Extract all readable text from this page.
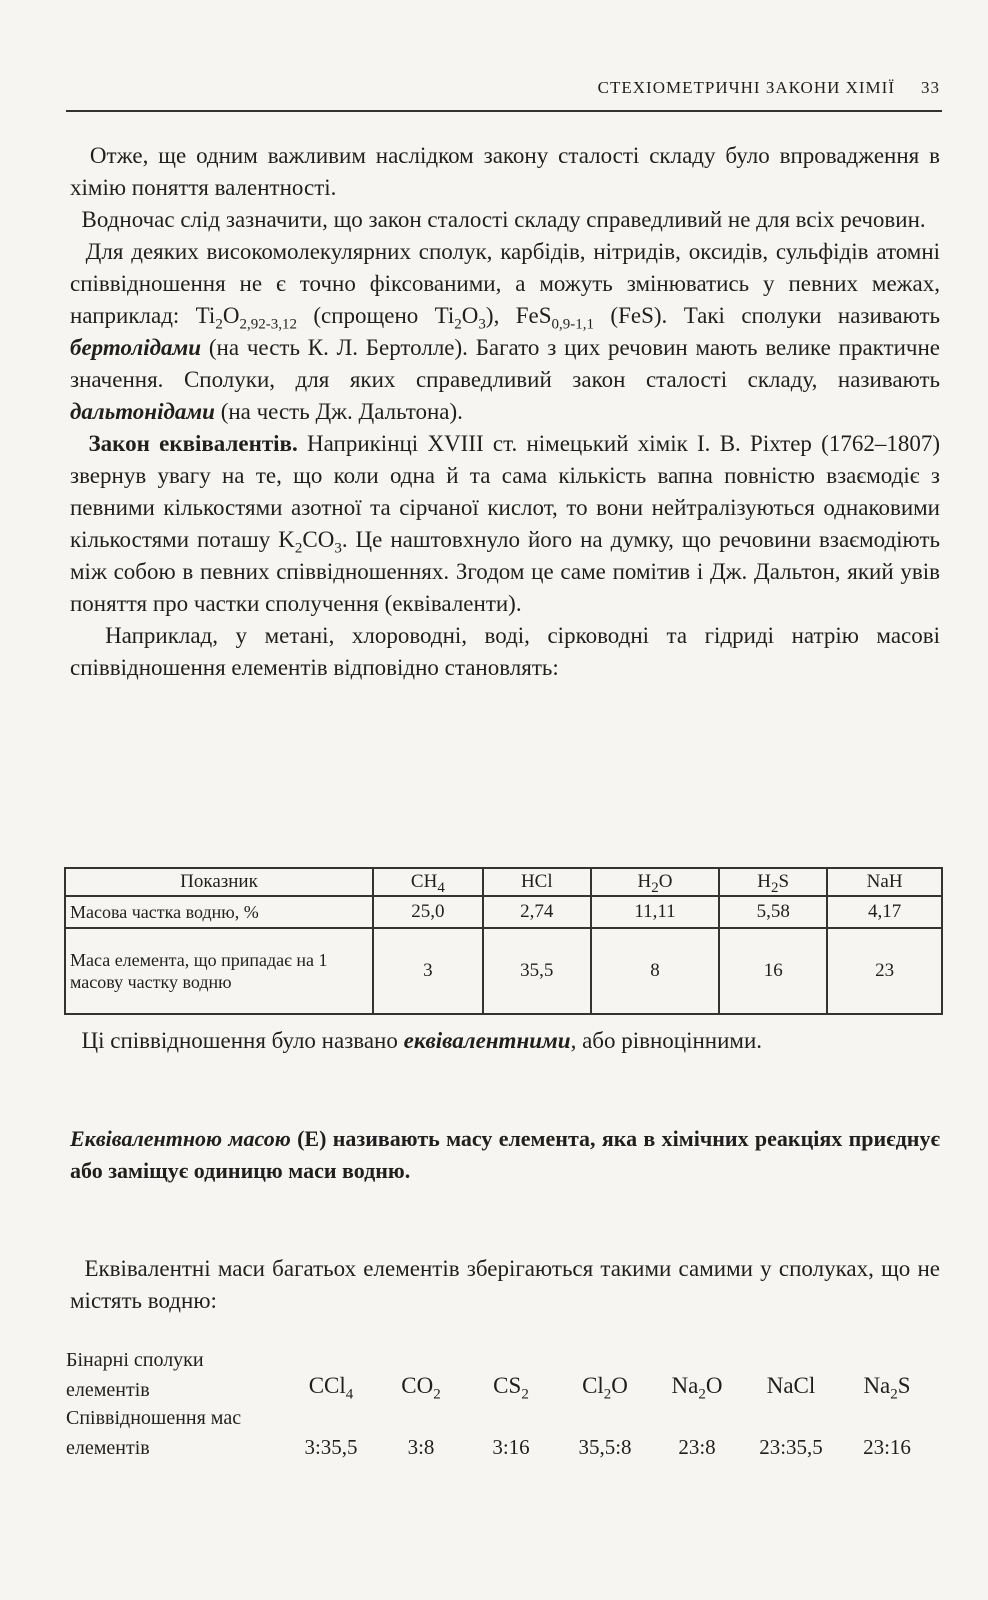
СТЕХІОМЕТРИЧНІ ЗАКОНИ ХІМІЇ 33

Отже, ще одним важливим наслідком закону сталості складу було впровадження в хімію поняття валентності.

Водночас слід зазначити, що закон сталості складу справедливий не для всіх речовин.

Для деяких високомолекулярних сполук, карбідів, нітридів, оксидів, сульфідів атомні співвідношення не є точно фіксованими, а можуть змінюватись у певних межах, наприклад: $Ti_2O_{2,92-3,12}$ (спрощено $Ti_2O_3$), FeS$_{0,9-1,1}$ (FeS). Такі сполуки називають бертолідами (на честь К. Л. Бертолле). Багато з цих речовин мають велике практичне значення. Сполуки, для яких справедливий закон сталості складу, називають дальтонідами (на честь Дж. Дальтона).

Закон еквівалентів. Наприкінці XVIII ст. німецький хімік І. В. Ріхтер (1762–1807) звернув увагу на те, що коли одна й та сама кількість вапна повністю взаємодіє з певними кількостями азотної та сірчаної кислот, то вони нейтралізуються однаковими кількостями поташу $K_2CO_3$. Це наштовхнуло його на думку, що речовини взаємодіють між собою в певних співвідношеннях. Згодом це саме помітив і Дж. Дальтон, який увів поняття про частки сполучення (еквіваленти).

Наприклад, у метані, хлороводні, воді, сірководні та гідриді натрію масові співвідношення елементів відповідно становлять:

Показник	$CH_4$	HCl	$H_2O$	$H_2S$	NaH
Масова частка водню, %	25,0	2,74	11,11	5,58	4,17
Маса елемента, що припадає на 1 масову частку водню	3	35,5	8	16	23

Ці співвідношення було названо еквівалентними, або рівноцінними.

Еквівалентною масою (E) називають масу елемента, яка в хімічних реакціях приєднує або заміщує одиницю маси водню.
Еквівалентні маси багатьох елементів зберігаються такими самими у сполуках, що не містять водню:
Бінарні сполуки елементів	CCl$_4$	$CO_2$	$CS_2$	$Cl_2O$	$Na_2O$	NaCl	$Na_2S$
Співвідношення мас елементів	3:35,5	3:8	3:16	35,5:8	23:8	23:35,5	23:16
